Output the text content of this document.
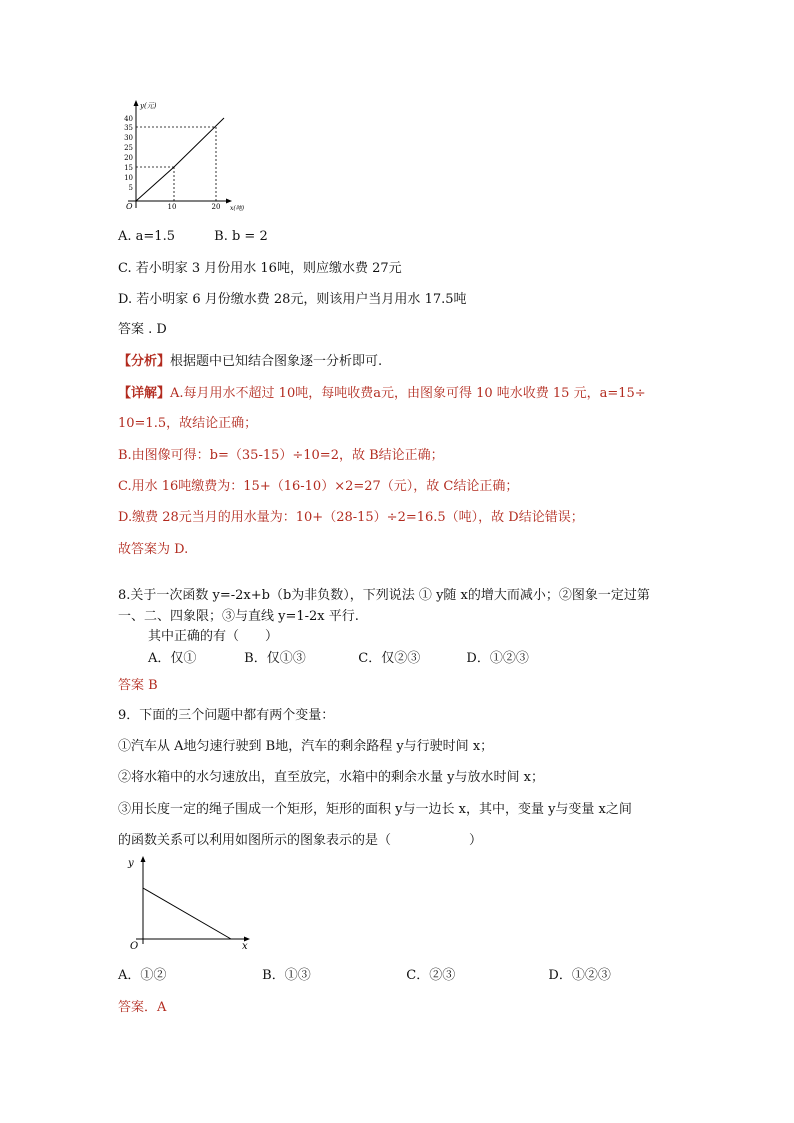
40
35
30
25
20
15
10
5
y(元)
O	10	20 x(吨)
A. a=1.5	B. b = 2
C. 若小明家 3 月份用水 16吨，则应缴水费 27元
D. 若小明家 6 月份缴水费 28元，则该用户当月用水 17.5吨
答案 . D
【分析】根据题中已知结合图象逐一分析即可.
【详解】A.每月用水不超过 10吨，每吨收费a元，由图象可得 10 吨水收费 15 元，a=15÷
10=1.5，故结论正确；
B.由图像可得：b=（35-15）÷10=2，故 B结论正确；
C.用水 16吨缴费为：15+（16-10）×2=27（元），故 C结论正确；
D.缴费 28元当月的用水量为：10+（28-15）÷2=16.5（吨），故 D结论错误；
故答案为 D.
8.关于一次函数 y=-2x+b（b为非负数），下列说法 ① y随 x的增大而减小；②图象一定过第
一、二、四象限；③与直线 y=1-2x 平行.
其中正确的有（　　）
A．仅①	B．仅①③	C．仅②③	D．①②③
答案 B
9．下面的三个问题中都有两个变量：
①汽车从 A地匀速行驶到 B地，汽车的剩余路程 y与行驶时间 x；
②将水箱中的水匀速放出，直至放完，水箱中的剩余水量 y与放水时间 x；
③用长度一定的绳子围成一个矩形，矩形的面积 y与一边长 x，其中，变量 y与变量 x之间
的函数关系可以利用如图所示的图象表示的是（　　　　　　）
y
O	x
A．①②	B．①③	C．②③	D．①②③
答案．A
